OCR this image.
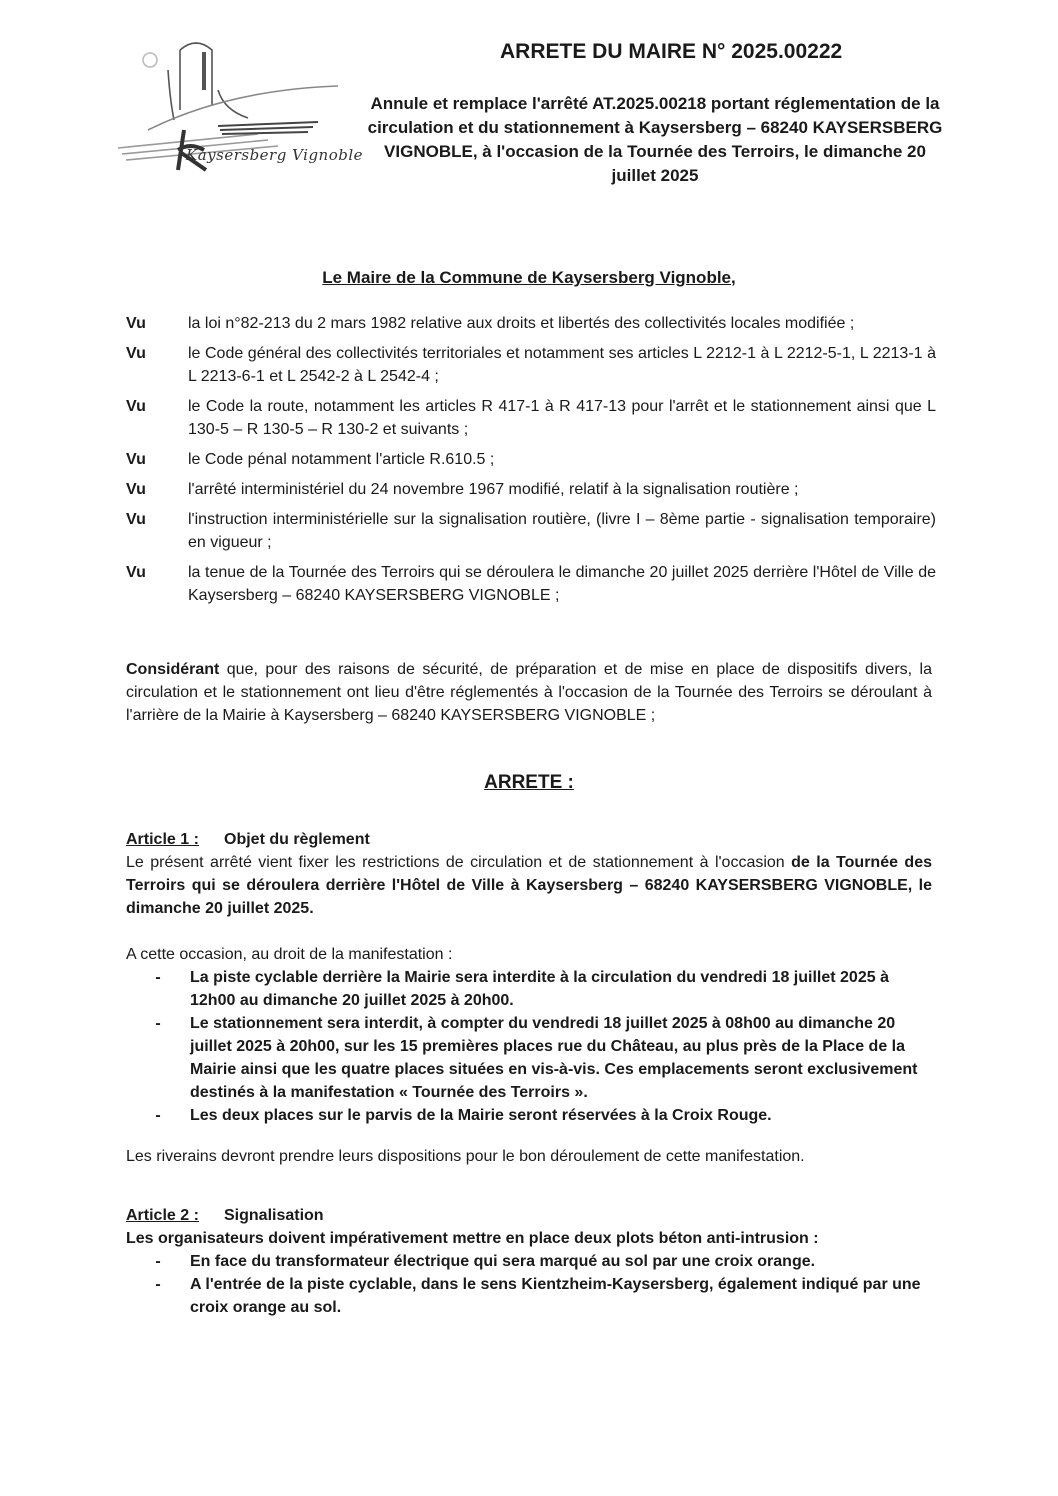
Kaysersberg Vignoble
ARRETE DU MAIRE N° 2025.00222

Annule et remplace l'arrêté AT.2025.00218 portant réglementation de la circulation et du stationnement à Kaysersberg – 68240 KAYSERSBERG VIGNOBLE, à l'occasion de la Tournée des Terroirs, le dimanche 20 juillet 2025

Le Maire de la Commune de Kaysersberg Vignoble,

Vu	la loi n°82-213 du 2 mars 1982 relative aux droits et libertés des collectivités locales modifiée ;
Vu	le Code général des collectivités territoriales et notamment ses articles L 2212-1 à L 2212-5-1, L 2213-1 à L 2213-6-1 et L 2542-2 à L 2542-4 ;
Vu	le Code la route, notamment les articles R 417-1 à R 417-13 pour l'arrêt et le stationnement ainsi que L 130-5 – R 130-5 – R 130-2 et suivants ;
Vu	le Code pénal notamment l'article R.610.5 ;
Vu	l'arrêté interministériel du 24 novembre 1967 modifié, relatif à la signalisation routière ;
Vu	l'instruction interministérielle sur la signalisation routière, (livre I – 8ème partie - signalisation temporaire) en vigueur ;
Vu	la tenue de la Tournée des Terroirs qui se déroulera le dimanche 20 juillet 2025 derrière l'Hôtel de Ville de Kaysersberg – 68240 KAYSERSBERG VIGNOBLE ;

Considérant que, pour des raisons de sécurité, de préparation et de mise en place de dispositifs divers, la circulation et le stationnement ont lieu d'être réglementés à l'occasion de la Tournée des Terroirs se déroulant à l'arrière de la Mairie à Kaysersberg – 68240 KAYSERSBERG VIGNOBLE ;

ARRETE :

Article 1 : Objet du règlement

Le présent arrêté vient fixer les restrictions de circulation et de stationnement à l'occasion de la Tournée des Terroirs qui se déroulera derrière l'Hôtel de Ville à Kaysersberg – 68240 KAYSERSBERG VIGNOBLE, le dimanche 20 juillet 2025.

A cette occasion, au droit de la manifestation :

-	La piste cyclable derrière la Mairie sera interdite à la circulation du vendredi 18 juillet 2025 à 12h00 au dimanche 20 juillet 2025 à 20h00.
-	Le stationnement sera interdit, à compter du vendredi 18 juillet 2025 à 08h00 au dimanche 20 juillet 2025 à 20h00, sur les 15 premières places rue du Château, au plus près de la Place de la Mairie ainsi que les quatre places situées en vis-à-vis. Ces emplacements seront exclusivement destinés à la manifestation « Tournée des Terroirs ».
-	Les deux places sur le parvis de la Mairie seront réservées à la Croix Rouge.

Les riverains devront prendre leurs dispositions pour le bon déroulement de cette manifestation.

Article 2 : Signalisation

Les organisateurs doivent impérativement mettre en place deux plots béton anti-intrusion :

-	En face du transformateur électrique qui sera marqué au sol par une croix orange.
-	A l'entrée de la piste cyclable, dans le sens Kientzheim-Kaysersberg, également indiqué par une croix orange au sol.
